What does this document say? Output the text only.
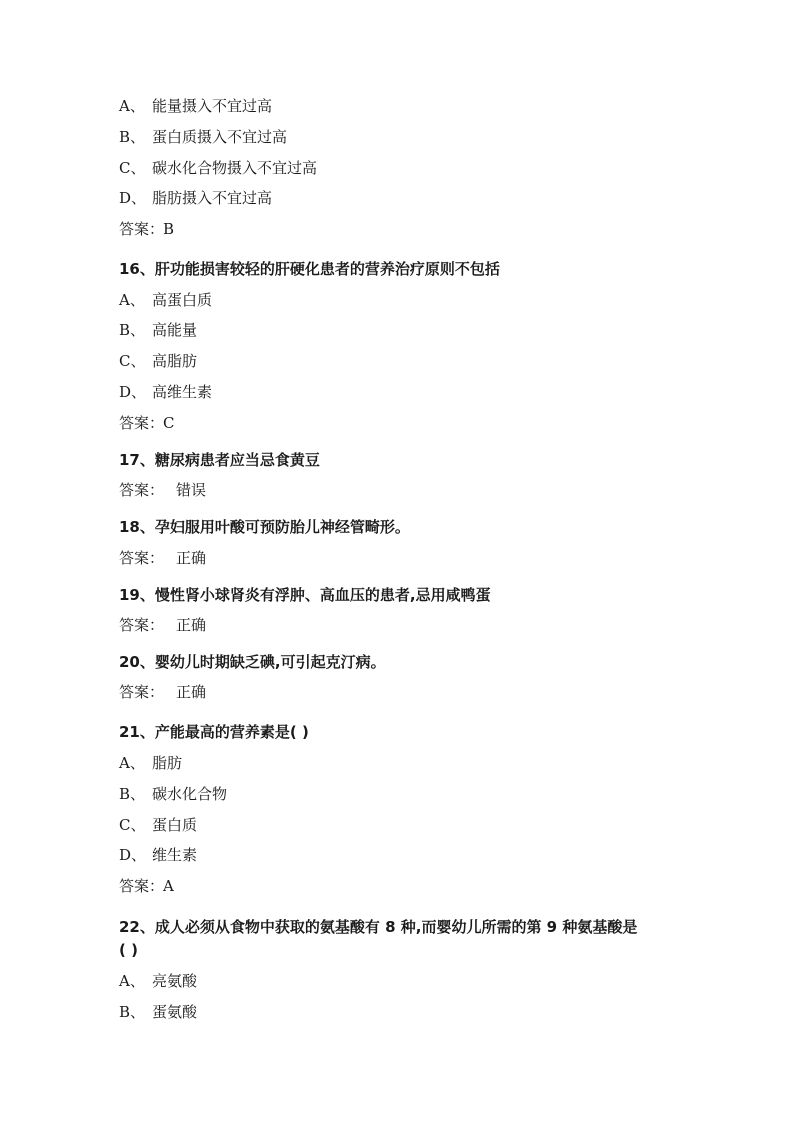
A、 能量摄入不宜过高
B、 蛋白质摄入不宜过高
C、 碳水化合物摄入不宜过高
D、 脂肪摄入不宜过高
答案：B
16、肝功能损害较轻的肝硬化患者的营养治疗原则不包括
A、 高蛋白质
B、 高能量
C、 高脂肪
D、 高维生素
答案：C
17、糖尿病患者应当忌食黄豆
答案： 错误
18、孕妇服用叶酸可预防胎儿神经管畸形。
答案： 正确
19、慢性肾小球肾炎有浮肿、高血压的患者,忌用咸鸭蛋
答案： 正确
20、婴幼儿时期缺乏碘,可引起克汀病。
答案： 正确
21、产能最高的营养素是( )
A、 脂肪
B、 碳水化合物
C、 蛋白质
D、 维生素
答案：A
22、成人必须从食物中获取的氨基酸有 8 种,而婴幼儿所需的第 9 种氨基酸是
( )
A、 亮氨酸
B、 蛋氨酸
